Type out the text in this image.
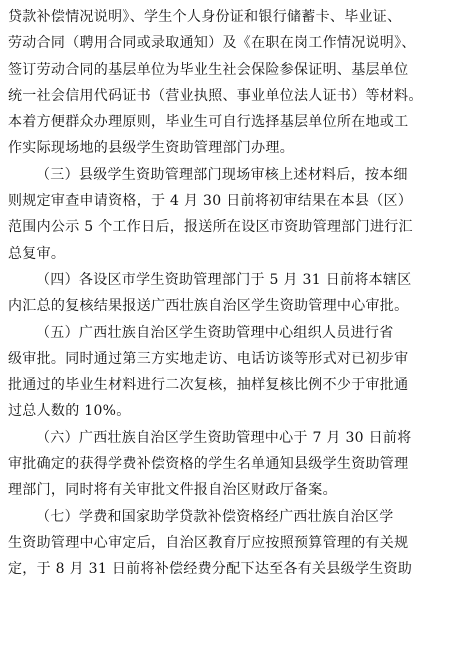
贷款补偿情况说明》、学生个人身份证和银行储蓄卡、毕业证、
劳动合同（聘用合同或录取通知）及《在职在岗工作情况说明》、
签订劳动合同的基层单位为毕业生社会保险参保证明、基层单位
统一社会信用代码证书（营业执照、事业单位法人证书）等材料。
本着方便群众办理原则，毕业生可自行选择基层单位所在地或工
作实际现场地的县级学生资助管理部门办理。
（三）县级学生资助管理部门现场审核上述材料后，按本细
则规定审查申请资格，于 4 月 30 日前将初审结果在本县（区）
范围内公示 5 个工作日后，报送所在设区市资助管理部门进行汇
总复审。
（四）各设区市学生资助管理部门于 5 月 31 日前将本辖区
内汇总的复核结果报送广西壮族自治区学生资助管理中心审批。
（五）广西壮族自治区学生资助管理中心组织人员进行省
级审批。同时通过第三方实地走访、电话访谈等形式对已初步审
批通过的毕业生材料进行二次复核，抽样复核比例不少于审批通
过总人数的 10%。
（六）广西壮族自治区学生资助管理中心于 7 月 30 日前将
审批确定的获得学费补偿资格的学生名单通知县级学生资助管理
理部门，同时将有关审批文件报自治区财政厅备案。
（七）学费和国家助学贷款补偿资格经广西壮族自治区学
生资助管理中心审定后，自治区教育厅应按照预算管理的有关规
定，于 8 月 31 日前将补偿经费分配下达至各有关县级学生资助
